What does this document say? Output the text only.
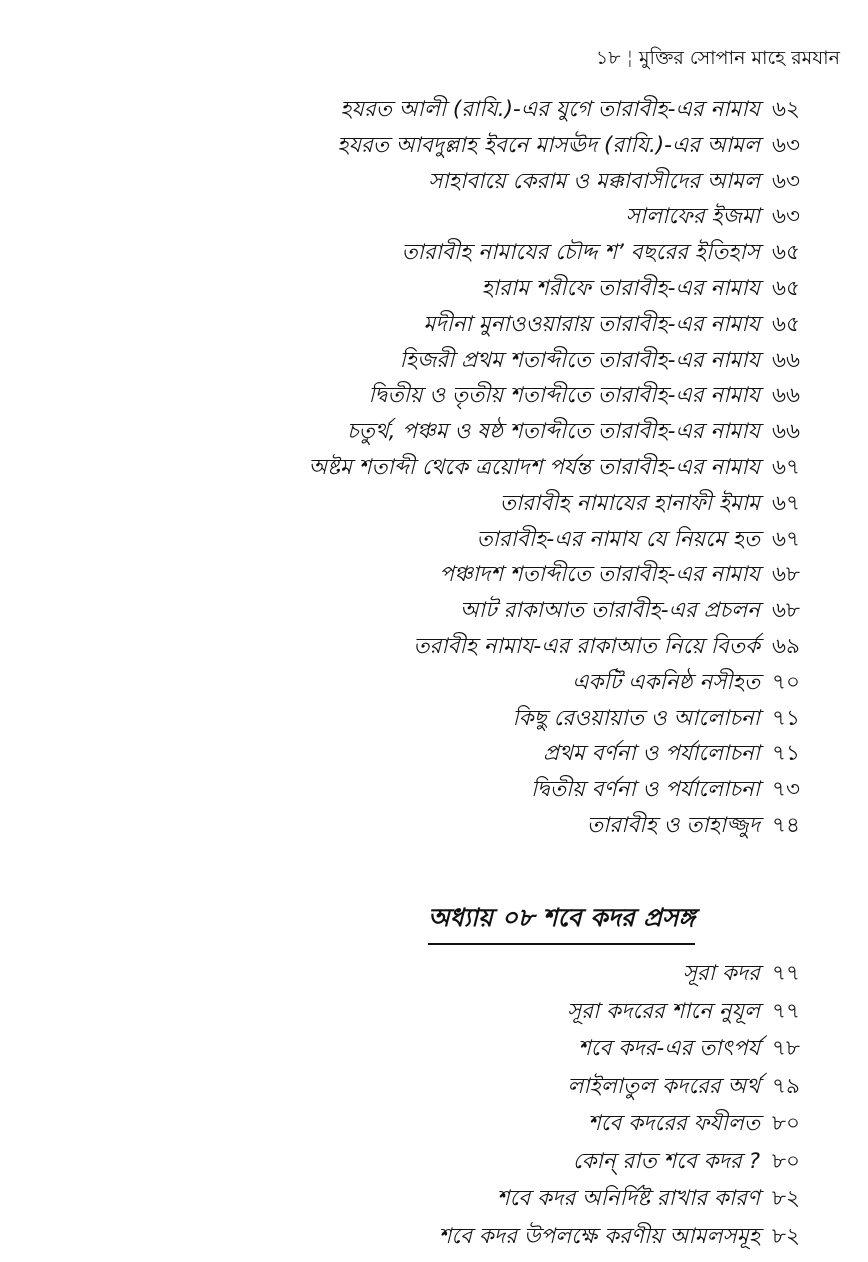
১৮ ¦ মুক্তির সোপান মাহে রমযান
হযরত আলী (রাযি.)-এর যুগে তারাবীহ-এর নামায ৬২
হযরত আবদুল্লাহ ইবনে মাসঊদ (রাযি.)-এর আমল ৬৩
সাহাবায়ে কেরাম ও মক্কাবাসীদের আমল ৬৩
সালাফের ইজমা ৬৩
তারাবীহ নামাযের চৌদ্দ শ’ বছরের ইতিহাস ৬৫
হারাম শরীফে তারাবীহ-এর নামায ৬৫
মদীনা মুনাওওয়ারায় তারাবীহ-এর নামায ৬৫
হিজরী প্রথম শতাব্দীতে তারাবীহ-এর নামায ৬৬
দ্বিতীয় ও তৃতীয় শতাব্দীতে তারাবীহ-এর নামায ৬৬
চতুর্থ, পঞ্চম ও ষষ্ঠ শতাব্দীতে তারাবীহ-এর নামায ৬৬
অষ্টম শতাব্দী থেকে ত্রয়োদশ পর্যন্ত তারাবীহ-এর নামায ৬৭
তারাবীহ নামাযের হানাফী ইমাম ৬৭
তারাবীহ-এর নামায যে নিয়মে হত ৬৭
পঞ্চাদশ শতাব্দীতে তারাবীহ-এর নামায ৬৮
আট রাকাআত তারাবীহ-এর প্রচলন ৬৮
তরাবীহ নামায-এর রাকাআত নিয়ে বিতর্ক ৬৯
একটি একনিষ্ঠ নসীহত ৭০
কিছু রেওয়ায়াত ও আলোচনা ৭১
প্রথম বর্ণনা ও পর্যালোচনা ৭১
দ্বিতীয় বর্ণনা ও পর্যালোচনা ৭৩
তারাবীহ ও তাহাজ্জুদ ৭৪
অধ্যায় ০৮ শবে কদর প্রসঙ্গ
সূরা কদর ৭৭
সূরা কদরের শানে নুযূল ৭৭
শবে কদর-এর তাৎপর্য ৭৮
লাইলাতুল কদরের অর্থ ৭৯
শবে কদরের ফযীলত ৮০
কোন্ রাত শবে কদর ? ৮০
শবে কদর অনির্দিষ্ট রাখার কারণ ৮২
শবে কদর উপলক্ষে করণীয় আমলসমূহ ৮২
